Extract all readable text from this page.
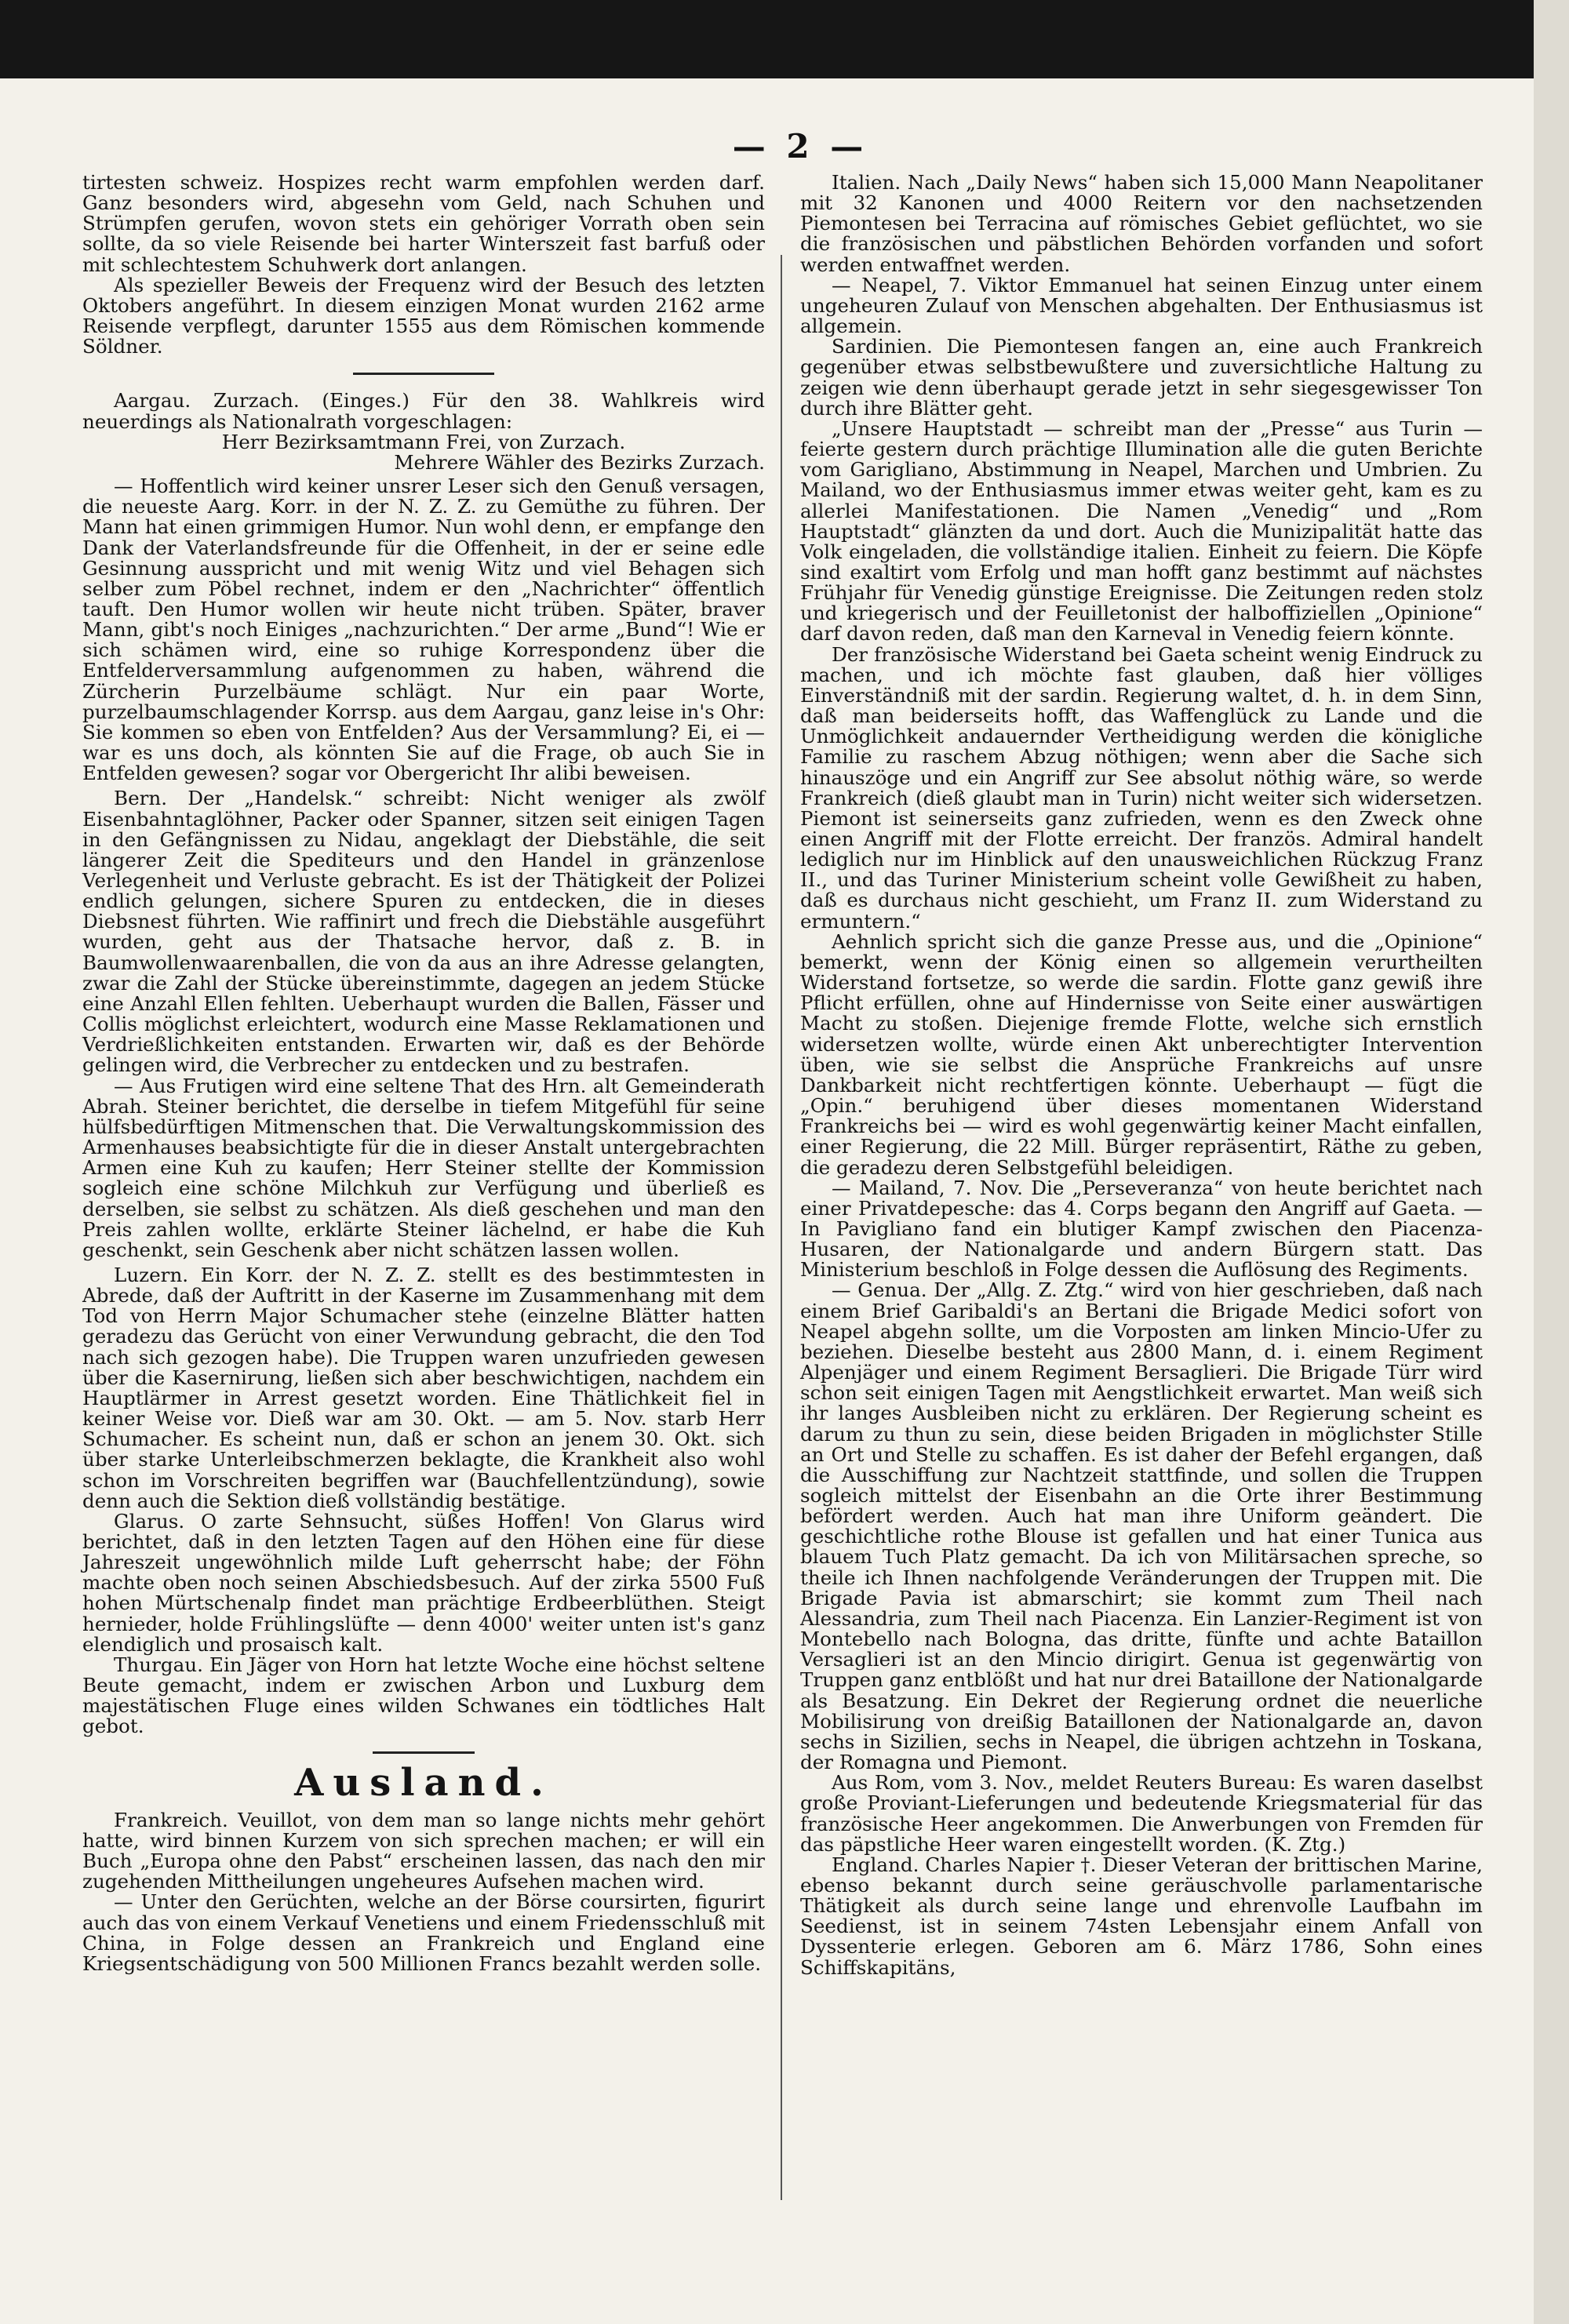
— 2 —

tirtesten schweiz. Hospizes recht warm empfohlen werden darf. Ganz besonders wird, abgesehn vom Geld, nach Schuhen und Strümpfen gerufen, wovon stets ein gehöriger Vorrath oben sein sollte, da so viele Reisende bei harter Winterszeit fast barfuß oder mit schlechtestem Schuhwerk dort anlangen.

Als spezieller Beweis der Frequenz wird der Besuch des letzten Oktobers angeführt. In diesem einzigen Monat wurden 2162 arme Reisende verpflegt, darunter 1555 aus dem Römischen kommende Söldner.

Aargau. Zurzach. (Einges.) Für den 38. Wahlkreis wird neuerdings als Nationalrath vorgeschlagen:

Herr Bezirksamtmann Frei, von Zurzach.

Mehrere Wähler des Bezirks Zurzach.

— Hoffentlich wird keiner unsrer Leser sich den Genuß versagen, die neueste Aarg. Korr. in der N. Z. Z. zu Gemüthe zu führen. Der Mann hat einen grimmigen Humor. Nun wohl denn, er empfange den Dank der Vaterlandsfreunde für die Offenheit, in der er seine edle Gesinnung ausspricht und mit wenig Witz und viel Behagen sich selber zum Pöbel rechnet, indem er den „Nachrichter“ öffentlich tauft. Den Humor wollen wir heute nicht trüben. Später, braver Mann, gibt's noch Einiges „nachzurichten.“ Der arme „Bund“! Wie er sich schämen wird, eine so ruhige Korrespondenz über die Entfelderversammlung aufgenommen zu haben, während die Zürcherin Purzelbäume schlägt. Nur ein paar Worte, purzelbaumschlagender Korrsp. aus dem Aargau, ganz leise in's Ohr: Sie kommen so eben von Entfelden? Aus der Versammlung? Ei, ei — war es uns doch, als könnten Sie auf die Frage, ob auch Sie in Entfelden gewesen? sogar vor Obergericht Ihr alibi beweisen.

Bern. Der „Handelsk.“ schreibt: Nicht weniger als zwölf Eisenbahntaglöhner, Packer oder Spanner, sitzen seit einigen Tagen in den Gefängnissen zu Nidau, angeklagt der Diebstähle, die seit längerer Zeit die Spediteurs und den Handel in gränzenlose Verlegenheit und Verluste gebracht. Es ist der Thätigkeit der Polizei endlich gelungen, sichere Spuren zu entdecken, die in dieses Diebsnest führten. Wie raffinirt und frech die Diebstähle ausgeführt wurden, geht aus der Thatsache hervor, daß z. B. in Baumwollenwaarenballen, die von da aus an ihre Adresse gelangten, zwar die Zahl der Stücke übereinstimmte, dagegen an jedem Stücke eine Anzahl Ellen fehlten. Ueberhaupt wurden die Ballen, Fässer und Collis möglichst erleichtert, wodurch eine Masse Reklamationen und Verdrießlichkeiten entstanden. Erwarten wir, daß es der Behörde gelingen wird, die Verbrecher zu entdecken und zu bestrafen.

— Aus Frutigen wird eine seltene That des Hrn. alt Gemeinderath Abrah. Steiner berichtet, die derselbe in tiefem Mitgefühl für seine hülfsbedürftigen Mitmenschen that. Die Verwaltungskommission des Armenhauses beabsichtigte für die in dieser Anstalt untergebrachten Armen eine Kuh zu kaufen; Herr Steiner stellte der Kommission sogleich eine schöne Milchkuh zur Verfügung und überließ es derselben, sie selbst zu schätzen. Als dieß geschehen und man den Preis zahlen wollte, erklärte Steiner lächelnd, er habe die Kuh geschenkt, sein Geschenk aber nicht schätzen lassen wollen.

Luzern. Ein Korr. der N. Z. Z. stellt es des bestimmtesten in Abrede, daß der Auftritt in der Kaserne im Zusammenhang mit dem Tod von Herrn Major Schumacher stehe (einzelne Blätter hatten geradezu das Gerücht von einer Verwundung gebracht, die den Tod nach sich gezogen habe). Die Truppen waren unzufrieden gewesen über die Kasernirung, ließen sich aber beschwichtigen, nachdem ein Hauptlärmer in Arrest gesetzt worden. Eine Thätlichkeit fiel in keiner Weise vor. Dieß war am 30. Okt. — am 5. Nov. starb Herr Schumacher. Es scheint nun, daß er schon an jenem 30. Okt. sich über starke Unterleibschmerzen beklagte, die Krankheit also wohl schon im Vorschreiten begriffen war (Bauchfellentzündung), sowie denn auch die Sektion dieß vollständig bestätige.

Glarus. O zarte Sehnsucht, süßes Hoffen! Von Glarus wird berichtet, daß in den letzten Tagen auf den Höhen eine für diese Jahreszeit ungewöhnlich milde Luft geherrscht habe; der Föhn machte oben noch seinen Abschiedsbesuch. Auf der zirka 5500 Fuß hohen Mürtschenalp findet man prächtige Erdbeerblüthen. Steigt hernieder, holde Frühlingslüfte — denn 4000' weiter unten ist's ganz elendiglich und prosaisch kalt.

Thurgau. Ein Jäger von Horn hat letzte Woche eine höchst seltene Beute gemacht, indem er zwischen Arbon und Luxburg dem majestätischen Fluge eines wilden Schwanes ein tödtliches Halt gebot.

Ausland.

Frankreich. Veuillot, von dem man so lange nichts mehr gehört hatte, wird binnen Kurzem von sich sprechen machen; er will ein Buch „Europa ohne den Pabst“ erscheinen lassen, das nach den mir zugehenden Mittheilungen ungeheures Aufsehen machen wird.

— Unter den Gerüchten, welche an der Börse coursirten, figurirt auch das von einem Verkauf Venetiens und einem Friedensschluß mit China, in Folge dessen an Frankreich und England eine Kriegsentschädigung von 500 Millionen Francs bezahlt werden solle.

Italien. Nach „Daily News“ haben sich 15,000 Mann Neapolitaner mit 32 Kanonen und 4000 Reitern vor den nachsetzenden Piemontesen bei Terracina auf römisches Gebiet geflüchtet, wo sie die französischen und päbstlichen Behörden vorfanden und sofort werden entwaffnet werden.

— Neapel, 7. Viktor Emmanuel hat seinen Einzug unter einem ungeheuren Zulauf von Menschen abgehalten. Der Enthusiasmus ist allgemein.

Sardinien. Die Piemontesen fangen an, eine auch Frankreich gegenüber etwas selbstbewußtere und zuversichtliche Haltung zu zeigen wie denn überhaupt gerade jetzt in sehr siegesgewisser Ton durch ihre Blätter geht.

„Unsere Hauptstadt — schreibt man der „Presse“ aus Turin — feierte gestern durch prächtige Illumination alle die guten Berichte vom Garigliano, Abstimmung in Neapel, Marchen und Umbrien. Zu Mailand, wo der Enthusiasmus immer etwas weiter geht, kam es zu allerlei Manifestationen. Die Namen „Venedig“ und „Rom Hauptstadt“ glänzten da und dort. Auch die Munizipalität hatte das Volk eingeladen, die vollständige italien. Einheit zu feiern. Die Köpfe sind exaltirt vom Erfolg und man hofft ganz bestimmt auf nächstes Frühjahr für Venedig günstige Ereignisse. Die Zeitungen reden stolz und kriegerisch und der Feuilletonist der halboffiziellen „Opinione“ darf davon reden, daß man den Karneval in Venedig feiern könnte.

Der französische Widerstand bei Gaeta scheint wenig Eindruck zu machen, und ich möchte fast glauben, daß hier völliges Einverständniß mit der sardin. Regierung waltet, d. h. in dem Sinn, daß man beiderseits hofft, das Waffenglück zu Lande und die Unmöglichkeit andauernder Vertheidigung werden die königliche Familie zu raschem Abzug nöthigen; wenn aber die Sache sich hinauszöge und ein Angriff zur See absolut nöthig wäre, so werde Frankreich (dieß glaubt man in Turin) nicht weiter sich widersetzen. Piemont ist seinerseits ganz zufrieden, wenn es den Zweck ohne einen Angriff mit der Flotte erreicht. Der französ. Admiral handelt lediglich nur im Hinblick auf den unausweichlichen Rückzug Franz II., und das Turiner Ministerium scheint volle Gewißheit zu haben, daß es durchaus nicht geschieht, um Franz II. zum Widerstand zu ermuntern.“

Aehnlich spricht sich die ganze Presse aus, und die „Opinione“ bemerkt, wenn der König einen so allgemein verurtheilten Widerstand fortsetze, so werde die sardin. Flotte ganz gewiß ihre Pflicht erfüllen, ohne auf Hindernisse von Seite einer auswärtigen Macht zu stoßen. Diejenige fremde Flotte, welche sich ernstlich widersetzen wollte, würde einen Akt unberechtigter Intervention üben, wie sie selbst die Ansprüche Frankreichs auf unsre Dankbarkeit nicht rechtfertigen könnte. Ueberhaupt — fügt die „Opin.“ beruhigend über dieses momentanen Widerstand Frankreichs bei — wird es wohl gegenwärtig keiner Macht einfallen, einer Regierung, die 22 Mill. Bürger repräsentirt, Räthe zu geben, die geradezu deren Selbstgefühl beleidigen.

— Mailand, 7. Nov. Die „Perseveranza“ von heute berichtet nach einer Privatdepesche: das 4. Corps begann den Angriff auf Gaeta. — In Pavigliano fand ein blutiger Kampf zwischen den Piacenza-Husaren, der Nationalgarde und andern Bürgern statt. Das Ministerium beschloß in Folge dessen die Auflösung des Regiments.

— Genua. Der „Allg. Z. Ztg.“ wird von hier geschrieben, daß nach einem Brief Garibaldi's an Bertani die Brigade Medici sofort von Neapel abgehn sollte, um die Vorposten am linken Mincio-Ufer zu beziehen. Dieselbe besteht aus 2800 Mann, d. i. einem Regiment Alpenjäger und einem Regiment Bersaglieri. Die Brigade Türr wird schon seit einigen Tagen mit Aengstlichkeit erwartet. Man weiß sich ihr langes Ausbleiben nicht zu erklären. Der Regierung scheint es darum zu thun zu sein, diese beiden Brigaden in möglichster Stille an Ort und Stelle zu schaffen. Es ist daher der Befehl ergangen, daß die Ausschiffung zur Nachtzeit stattfinde, und sollen die Truppen sogleich mittelst der Eisenbahn an die Orte ihrer Bestimmung befördert werden. Auch hat man ihre Uniform geändert. Die geschichtliche rothe Blouse ist gefallen und hat einer Tunica aus blauem Tuch Platz gemacht. Da ich von Militärsachen spreche, so theile ich Ihnen nachfolgende Veränderungen der Truppen mit. Die Brigade Pavia ist abmarschirt; sie kommt zum Theil nach Alessandria, zum Theil nach Piacenza. Ein Lanzier-Regiment ist von Montebello nach Bologna, das dritte, fünfte und achte Bataillon Versaglieri ist an den Mincio dirigirt. Genua ist gegenwärtig von Truppen ganz entblößt und hat nur drei Bataillone der Nationalgarde als Besatzung. Ein Dekret der Regierung ordnet die neuerliche Mobilisirung von dreißig Bataillonen der Nationalgarde an, davon sechs in Sizilien, sechs in Neapel, die übrigen achtzehn in Toskana, der Romagna und Piemont.

Aus Rom, vom 3. Nov., meldet Reuters Bureau: Es waren daselbst große Proviant-Lieferungen und bedeutende Kriegsmaterial für das französische Heer angekommen. Die Anwerbungen von Fremden für das päpstliche Heer waren eingestellt worden. (K. Ztg.)

England. Charles Napier †. Dieser Veteran der brittischen Marine, ebenso bekannt durch seine geräuschvolle parlamentarische Thätigkeit als durch seine lange und ehrenvolle Laufbahn im Seedienst, ist in seinem 74sten Lebensjahr einem Anfall von Dyssenterie erlegen. Geboren am 6. März 1786, Sohn eines Schiffskapitäns,
